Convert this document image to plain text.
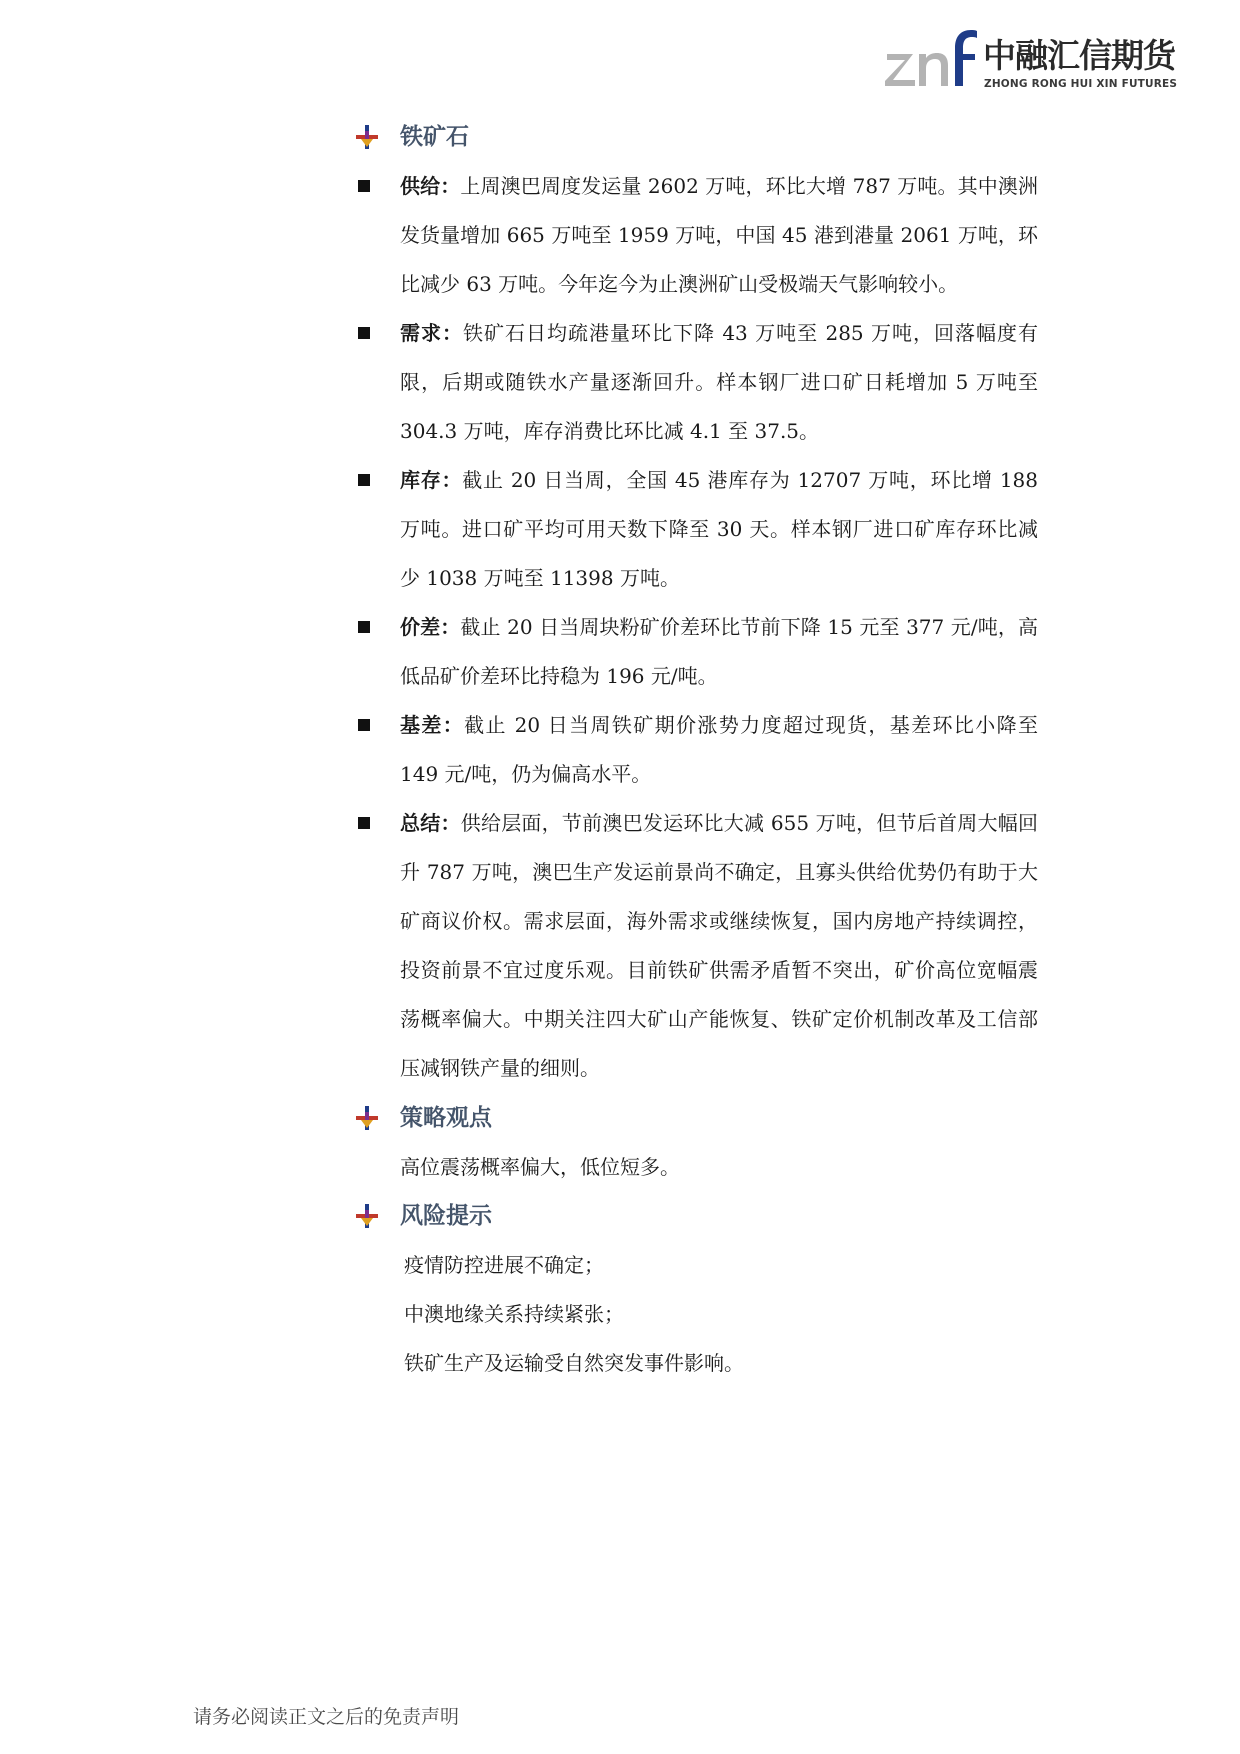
中融汇信期货
ZHONG RONG HUI XIN FUTURES
铁矿石
供给：上周澳巴周度发运量 2602 万吨，环比大增 787 万吨。其中澳洲发货量增加 665 万吨至 1959 万吨，中国 45 港到港量 2061 万吨，环比减少 63 万吨。今年迄今为止澳洲矿山受极端天气影响较小。
需求：铁矿石日均疏港量环比下降 43 万吨至 285 万吨，回落幅度有限，后期或随铁水产量逐渐回升。样本钢厂进口矿日耗增加 5 万吨至 304.3 万吨，库存消费比环比减 4.1 至 37.5。
库存：截止 20 日当周，全国 45 港库存为 12707 万吨，环比增 188 万吨。进口矿平均可用天数下降至 30 天。样本钢厂进口矿库存环比减少 1038 万吨至 11398 万吨。
价差：截止 20 日当周块粉矿价差环比节前下降 15 元至 377 元/吨，高低品矿价差环比持稳为 196 元/吨。
基差：截止 20 日当周铁矿期价涨势力度超过现货，基差环比小降至 149 元/吨，仍为偏高水平。
总结：供给层面，节前澳巴发运环比大减 655 万吨，但节后首周大幅回升 787 万吨，澳巴生产发运前景尚不确定，且寡头供给优势仍有助于大矿商议价权。需求层面，海外需求或继续恢复，国内房地产持续调控，投资前景不宜过度乐观。目前铁矿供需矛盾暂不突出，矿价高位宽幅震荡概率偏大。中期关注四大矿山产能恢复、铁矿定价机制改革及工信部压减钢铁产量的细则。
策略观点
高位震荡概率偏大，低位短多。
风险提示
疫情防控进展不确定；
中澳地缘关系持续紧张；
铁矿生产及运输受自然突发事件影响。
请务必阅读正文之后的免责声明
